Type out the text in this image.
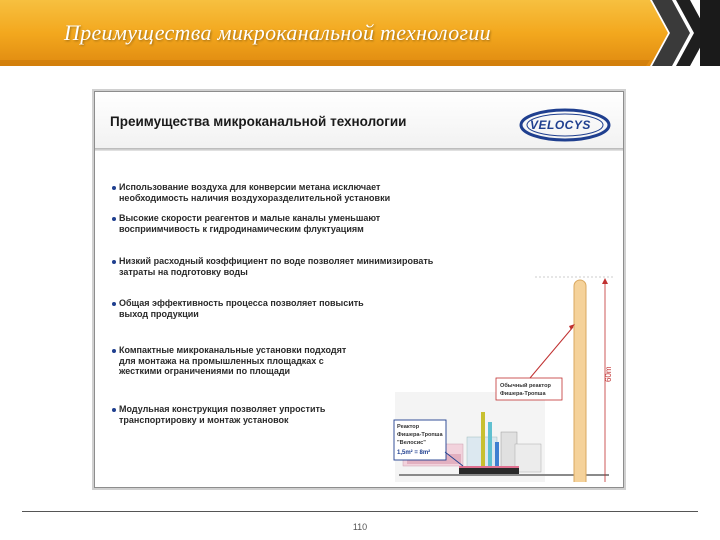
Преимущества микроканальной технологии
Преимущества микроканальной технологии	VELOCYS
Использование воздуха для конверсии метана исключает необходимость наличия воздухоразделительной установки
Высокие скорости реагентов и малые каналы уменьшают восприимчивость к гидродинамическим флуктуациям
Низкий расходный коэффициент по воде позволяет минимизировать затраты на подготовку воды
Общая эффективность процесса позволяет повысить выход продукции
Компактные микроканальные установки подходят для монтажа на промышленных площадках с жесткими ограничениями по площади
Модульная конструкция позволяет упростить транспортировку и монтаж установок
60m
Обычный реактор
Фишера-Тропша
Реактор
Фишера-Тропша
"Велосис"
1,5m² = 8m²
110
